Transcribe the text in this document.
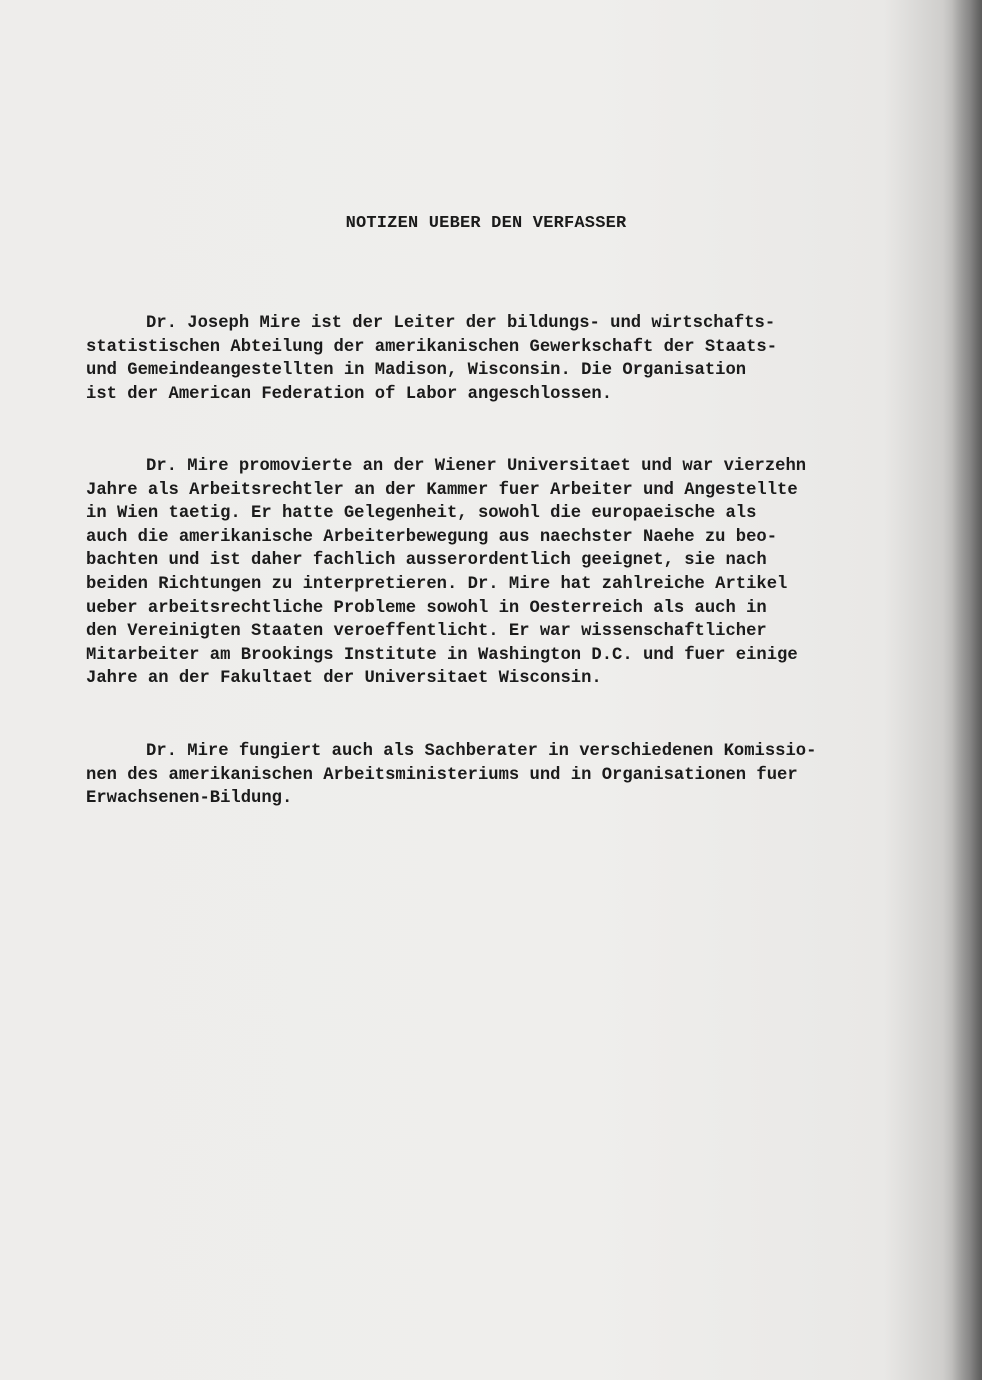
NOTIZEN UEBER DEN VERFASSER
Dr. Joseph Mire ist der Leiter der bildungs- und wirtschafts-
statistischen Abteilung der amerikanischen Gewerkschaft der Staats-
und Gemeindeangestellten in Madison, Wisconsin. Die Organisation
ist der American Federation of Labor angeschlossen.
Dr. Mire promovierte an der Wiener Universitaet und war vierzehn
Jahre als Arbeitsrechtler an der Kammer fuer Arbeiter und Angestellte
in Wien taetig. Er hatte Gelegenheit, sowohl die europaeische als
auch die amerikanische Arbeiterbewegung aus naechster Naehe zu beo-
bachten und ist daher fachlich ausserordentlich geeignet, sie nach
beiden Richtungen zu interpretieren. Dr. Mire hat zahlreiche Artikel
ueber arbeitsrechtliche Probleme sowohl in Oesterreich als auch in
den Vereinigten Staaten veroeffentlicht. Er war wissenschaftlicher
Mitarbeiter am Brookings Institute in Washington D.C. und fuer einige
Jahre an der Fakultaet der Universitaet Wisconsin.
Dr. Mire fungiert auch als Sachberater in verschiedenen Komissio-
nen des amerikanischen Arbeitsministeriums und in Organisationen fuer
Erwachsenen-Bildung.
